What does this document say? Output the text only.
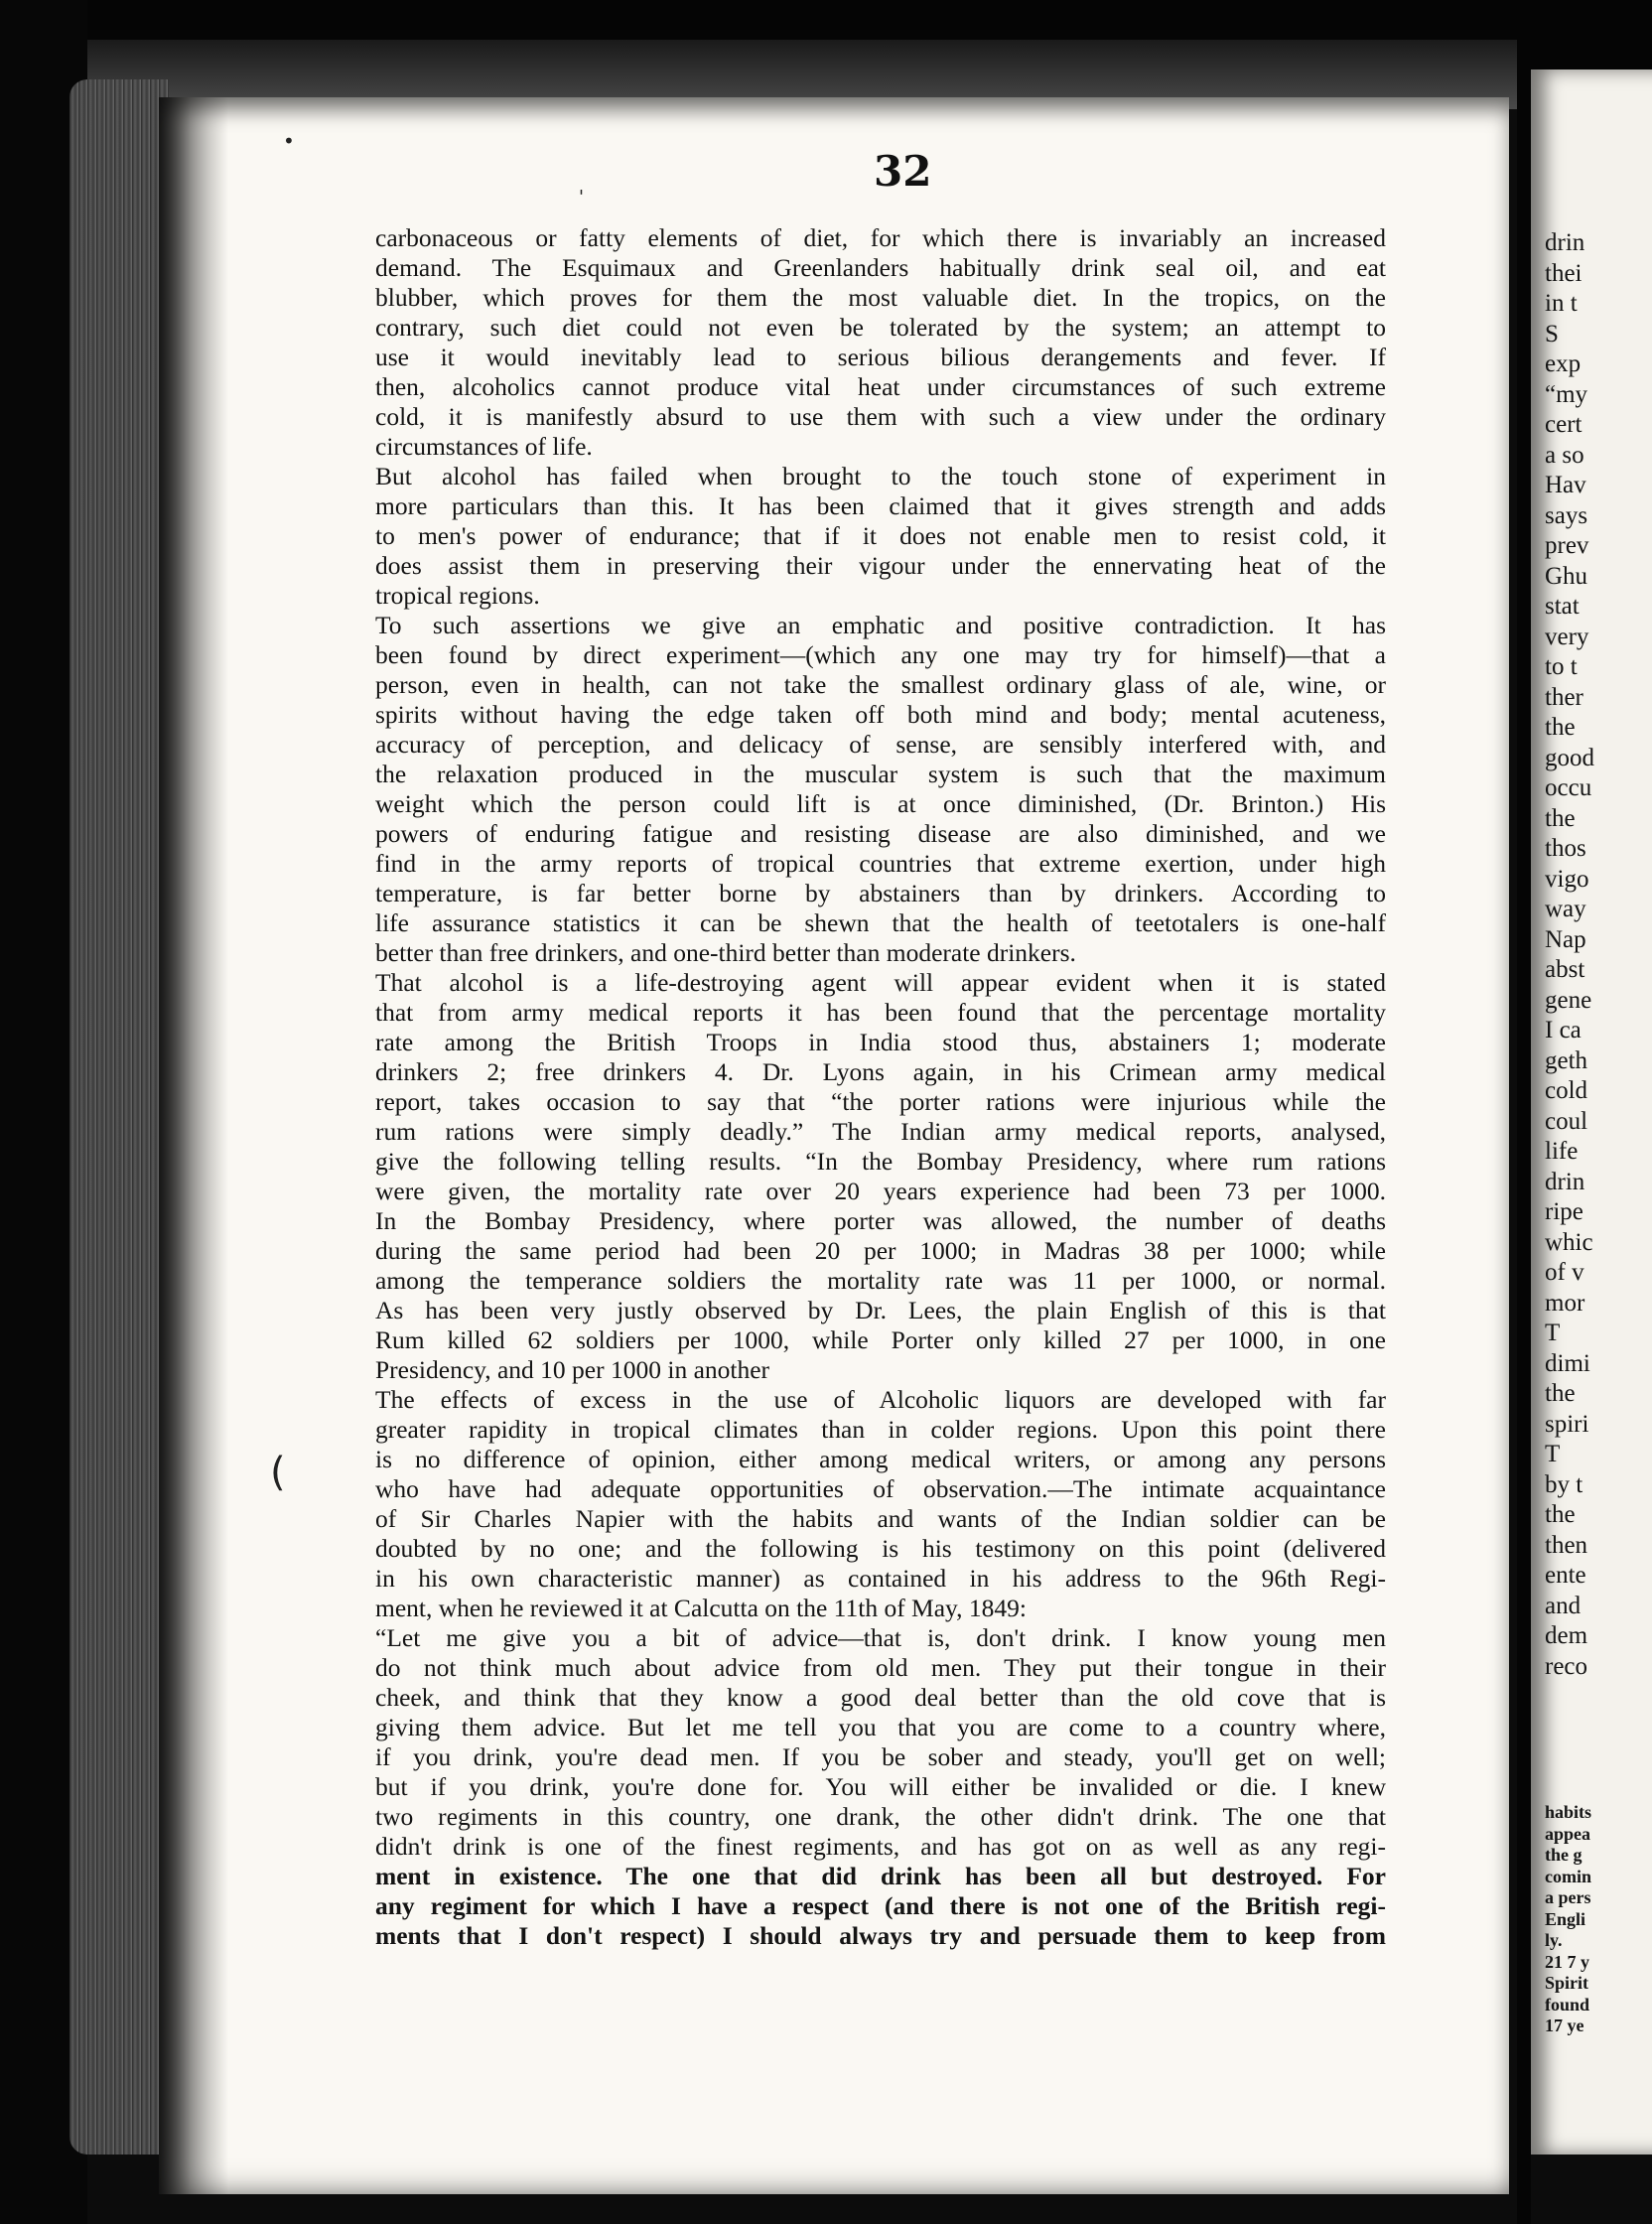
32

carbonaceous or fatty elements of diet, for which there is invariably an increased

demand. The Esquimaux and Greenlanders habitually drink seal oil, and eat

blubber, which proves for them the most valuable diet. In the tropics, on the

contrary, such diet could not even be tolerated by the system; an attempt to

use it would inevitably lead to serious bilious derangements and fever. If

then, alcoholics cannot produce vital heat under circumstances of such extreme

cold, it is manifestly absurd to use them with such a view under the ordinary

circumstances of life.

But alcohol has failed when brought to the touch stone of experiment in

more particulars than this. It has been claimed that it gives strength and adds

to men's power of endurance; that if it does not enable men to resist cold, it

does assist them in preserving their vigour under the ennervating heat of the

tropical regions.

To such assertions we give an emphatic and positive contradiction. It has

been found by direct experiment—(which any one may try for himself)—that a

person, even in health, can not take the smallest ordinary glass of ale, wine, or

spirits without having the edge taken off both mind and body; mental acuteness,

accuracy of perception, and delicacy of sense, are sensibly interfered with, and

the relaxation produced in the muscular system is such that the maximum

weight which the person could lift is at once diminished, (Dr. Brinton.) His

powers of enduring fatigue and resisting disease are also diminished, and we

find in the army reports of tropical countries that extreme exertion, under high

temperature, is far better borne by abstainers than by drinkers. According to

life assurance statistics it can be shewn that the health of teetotalers is one-half

better than free drinkers, and one-third better than moderate drinkers.

That alcohol is a life-destroying agent will appear evident when it is stated

that from army medical reports it has been found that the percentage mortality

rate among the British Troops in India stood thus, abstainers 1; moderate

drinkers 2; free drinkers 4. Dr. Lyons again, in his Crimean army medical

report, takes occasion to say that “the porter rations were injurious while the

rum rations were simply deadly.” The Indian army medical reports, analysed,

give the following telling results. “In the Bombay Presidency, where rum rations

were given, the mortality rate over 20 years experience had been 73 per 1000.

In the Bombay Presidency, where porter was allowed, the number of deaths

during the same period had been 20 per 1000; in Madras 38 per 1000; while

among the temperance soldiers the mortality rate was 11 per 1000, or normal.

As has been very justly observed by Dr. Lees, the plain English of this is that

Rum killed 62 soldiers per 1000, while Porter only killed 27 per 1000, in one

Presidency, and 10 per 1000 in another

The effects of excess in the use of Alcoholic liquors are developed with far

greater rapidity in tropical climates than in colder regions. Upon this point there

is no difference of opinion, either among medical writers, or among any persons

who have had adequate opportunities of observation.—The intimate acquaintance

of Sir Charles Napier with the habits and wants of the Indian soldier can be

doubted by no one; and the following is his testimony on this point (delivered

in his own characteristic manner) as contained in his address to the 96th Regi-

ment, when he reviewed it at Calcutta on the 11th of May, 1849:

“Let me give you a bit of advice—that is, don't drink. I know young men

do not think much about advice from old men. They put their tongue in their

cheek, and think that they know a good deal better than the old cove that is

giving them advice. But let me tell you that you are come to a country where,

if you drink, you're dead men. If you be sober and steady, you'll get on well;

but if you drink, you're done for. You will either be invalided or die. I knew

two regiments in this country, one drank, the other didn't drink. The one that

didn't drink is one of the finest regiments, and has got on as well as any regi-

ment in existence. The one that did drink has been all but destroyed. For

any regiment for which I have a respect (and there is not one of the British regi-

ments that I don't respect) I should always try and persuade them to keep from

•
'
(

drin

thei

in t

S

exp

“my

cert

a so

Hav

says

prev

Ghu

stat

very

to t

ther

the

good

occu

the

thos

vigo

way

Nap

abst

gene

I ca

geth

cold

coul

life

drin

ripe

whic

of v

mor

T

dimi

the

spiri

T

by t

the

then

ente

and

dem

reco

habits

appea

the g

comin

a pers

Engli

ly.

21 7 y

Spirit

found

17 ye
